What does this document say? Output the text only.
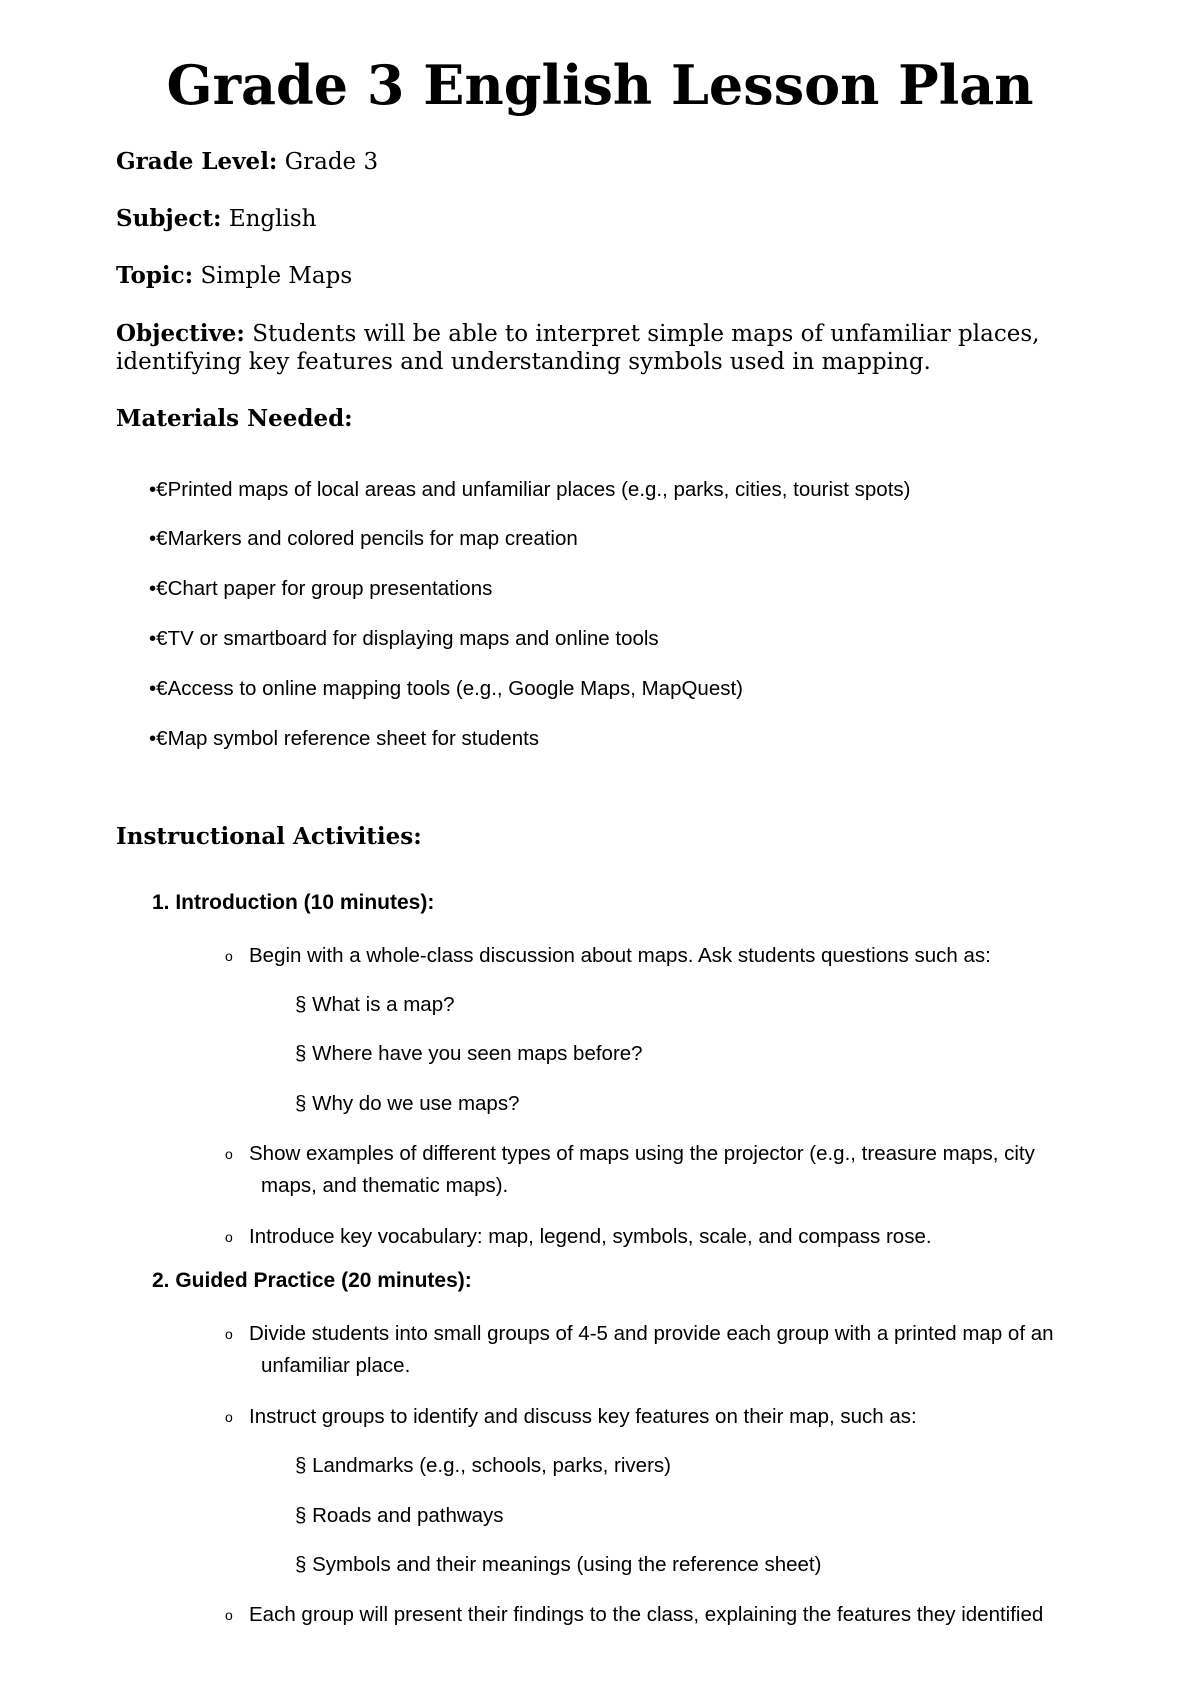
Grade 3 English Lesson Plan

Grade Level: Grade 3

Subject: English

Topic: Simple Maps

Objective: Students will be able to interpret simple maps of unfamiliar places,
identifying key features and understanding symbols used in mapping.

Materials Needed:

•€Printed maps of local areas and unfamiliar places (e.g., parks, cities, tourist spots)

•€Markers and colored pencils for map creation

•€Chart paper for group presentations

•€TV or smartboard for displaying maps and online tools

•€Access to online mapping tools (e.g., Google Maps, MapQuest)

•€Map symbol reference sheet for students

Instructional Activities:

1. Introduction (10 minutes):

o Begin with a whole-class discussion about maps. Ask students questions such as:

§ What is a map?

§ Where have you seen maps before?

§ Why do we use maps?

o Show examples of different types of maps using the projector (e.g., treasure maps, city
maps, and thematic maps).

o Introduce key vocabulary: map, legend, symbols, scale, and compass rose.

2. Guided Practice (20 minutes):

o Divide students into small groups of 4-5 and provide each group with a printed map of an
unfamiliar place.

o Instruct groups to identify and discuss key features on their map, such as:

§ Landmarks (e.g., schools, parks, rivers)

§ Roads and pathways

§ Symbols and their meanings (using the reference sheet)

o Each group will present their findings to the class, explaining the features they identified
